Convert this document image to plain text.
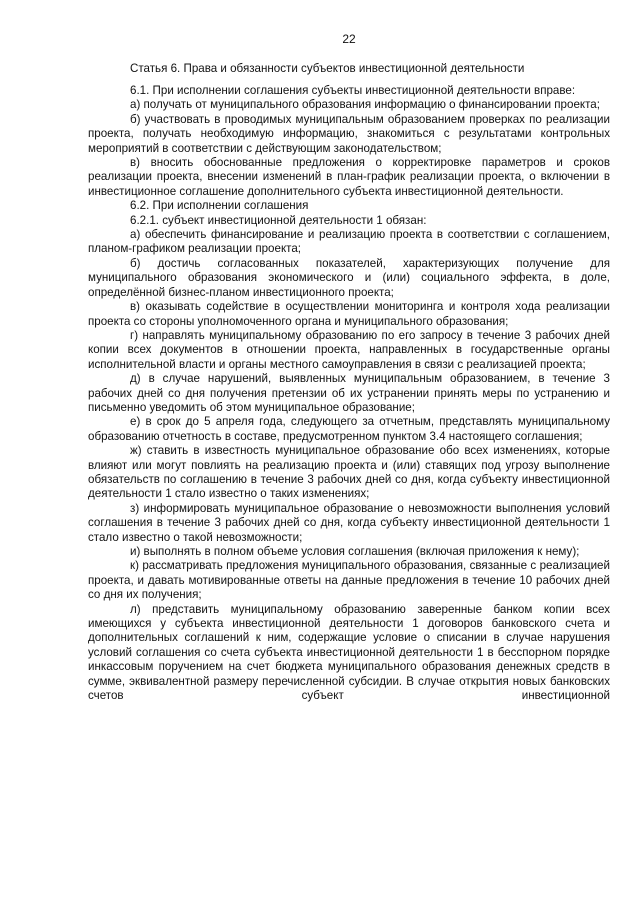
22
Статья 6. Права и обязанности субъектов инвестиционной деятельности

6.1. При исполнении соглашения субъекты инвестиционной деятельности вправе:

а) получать от муниципального образования информацию о финансировании проекта;

б) участвовать в проводимых муниципальным образованием проверках по реализации проекта, получать необходимую информацию, знакомиться с результатами контрольных мероприятий в соответствии с действующим законодательством;

в) вносить обоснованные предложения о корректировке параметров и сроков реализации проекта, внесении изменений в план-график реализации проекта, о включении в инвестиционное соглашение дополнительного субъекта инвестиционной деятельности.

6.2. При исполнении соглашения

6.2.1. субъект инвестиционной деятельности 1 обязан:

а) обеспечить финансирование и реализацию проекта в соответствии с соглашением, планом-графиком реализации проекта;

б) достичь согласованных показателей, характеризующих получение для муниципального образования экономического и (или) социального эффекта, в доле, определённой бизнес-планом инвестиционного проекта;

в) оказывать содействие в осуществлении мониторинга и контроля хода реализации проекта со стороны уполномоченного органа и муниципального образования;

г) направлять муниципальному образованию по его запросу в течение 3 рабочих дней копии всех документов в отношении проекта, направленных в государственные органы исполнительной власти и органы местного самоуправления в связи с реализацией проекта;

д) в случае нарушений, выявленных муниципальным образованием, в течение 3 рабочих дней со дня получения претензии об их устранении принять меры по устранению и письменно уведомить об этом муниципальное образование;

е) в срок до 5 апреля года, следующего за отчетным, представлять муниципальному образованию отчетность в составе, предусмотренном пунктом 3.4 настоящего соглашения;

ж) ставить в известность муниципальное образование обо всех изменениях, которые влияют или могут повлиять на реализацию проекта и (или) ставящих под угрозу выполнение обязательств по соглашению в течение 3 рабочих дней со дня, когда субъекту инвестиционной деятельности 1 стало известно о таких изменениях;

з) информировать муниципальное образование о невозможности выполнения условий соглашения в течение 3 рабочих дней со дня, когда субъекту инвестиционной деятельности 1 стало известно о такой невозможности;

и) выполнять в полном объеме условия соглашения (включая приложения к нему);

к) рассматривать предложения муниципального образования, связанные с реализацией проекта, и давать мотивированные ответы на данные предложения в течение 10 рабочих дней со дня их получения;

л) представить муниципальному образованию заверенные банком копии всех имеющихся у субъекта инвестиционной деятельности 1 договоров банковского счета и дополнительных соглашений к ним, содержащие условие о списании в случае нарушения условий соглашения со счета субъекта инвестиционной деятельности 1 в бесспорном порядке инкассовым поручением на счет бюджета муниципального образования денежных средств в сумме, эквивалентной размеру перечисленной субсидии. В случае открытия новых банковских счетов субъект инвестиционной
